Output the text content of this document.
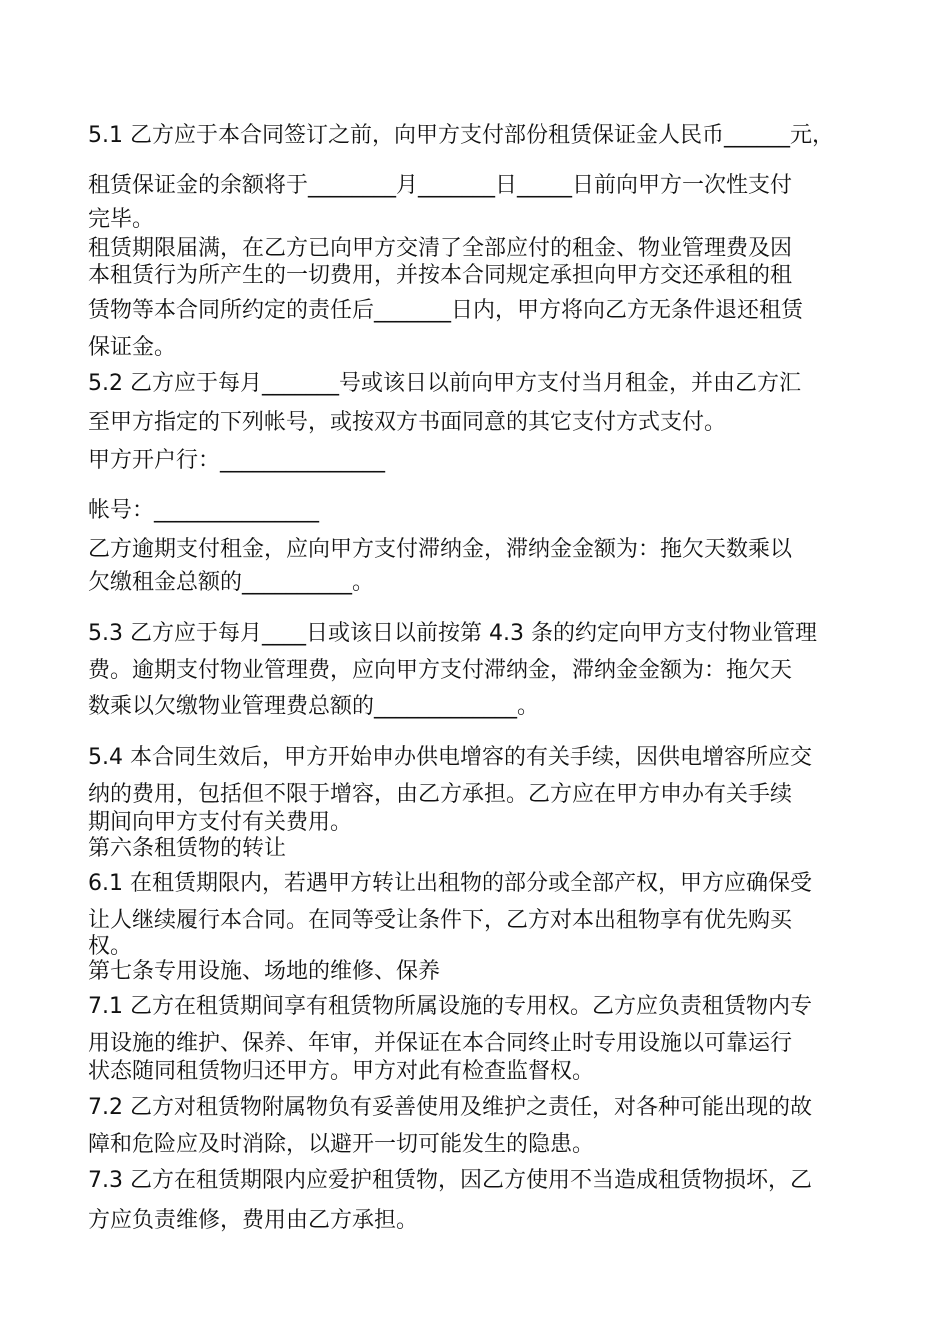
5.1 乙方应于本合同签订之前，向甲方支付部份租赁保证金人民币______元，

租赁保证金的余额将于________月_______日_____日前向甲方一次性支付

完毕。

租赁期限届满，在乙方已向甲方交清了全部应付的租金、物业管理费及因

本租赁行为所产生的一切费用，并按本合同规定承担向甲方交还承租的租

赁物等本合同所约定的责任后_______日内，甲方将向乙方无条件退还租赁

保证金。

5.2 乙方应于每月_______号或该日以前向甲方支付当月租金，并由乙方汇

至甲方指定的下列帐号，或按双方书面同意的其它支付方式支付。

甲方开户行：_______________

帐号：_______________

乙方逾期支付租金，应向甲方支付滞纳金，滞纳金金额为：拖欠天数乘以

欠缴租金总额的__________。

5.3 乙方应于每月____日或该日以前按第 4.3 条的约定向甲方支付物业管理

费。逾期支付物业管理费，应向甲方支付滞纳金，滞纳金金额为：拖欠天

数乘以欠缴物业管理费总额的_____________。

5.4 本合同生效后，甲方开始申办供电增容的有关手续，因供电增容所应交

纳的费用，包括但不限于增容，由乙方承担。乙方应在甲方申办有关手续

期间向甲方支付有关费用。

第六条租赁物的转让

6.1 在租赁期限内，若遇甲方转让出租物的部分或全部产权，甲方应确保受

让人继续履行本合同。在同等受让条件下，乙方对本出租物享有优先购买

权。

第七条专用设施、场地的维修、保养

7.1 乙方在租赁期间享有租赁物所属设施的专用权。乙方应负责租赁物内专

用设施的维护、保养、年审，并保证在本合同终止时专用设施以可靠运行

状态随同租赁物归还甲方。甲方对此有检查监督权。

7.2 乙方对租赁物附属物负有妥善使用及维护之责任，对各种可能出现的故

障和危险应及时消除，以避开一切可能发生的隐患。

7.3 乙方在租赁期限内应爱护租赁物，因乙方使用不当造成租赁物损坏，乙

方应负责维修，费用由乙方承担。
